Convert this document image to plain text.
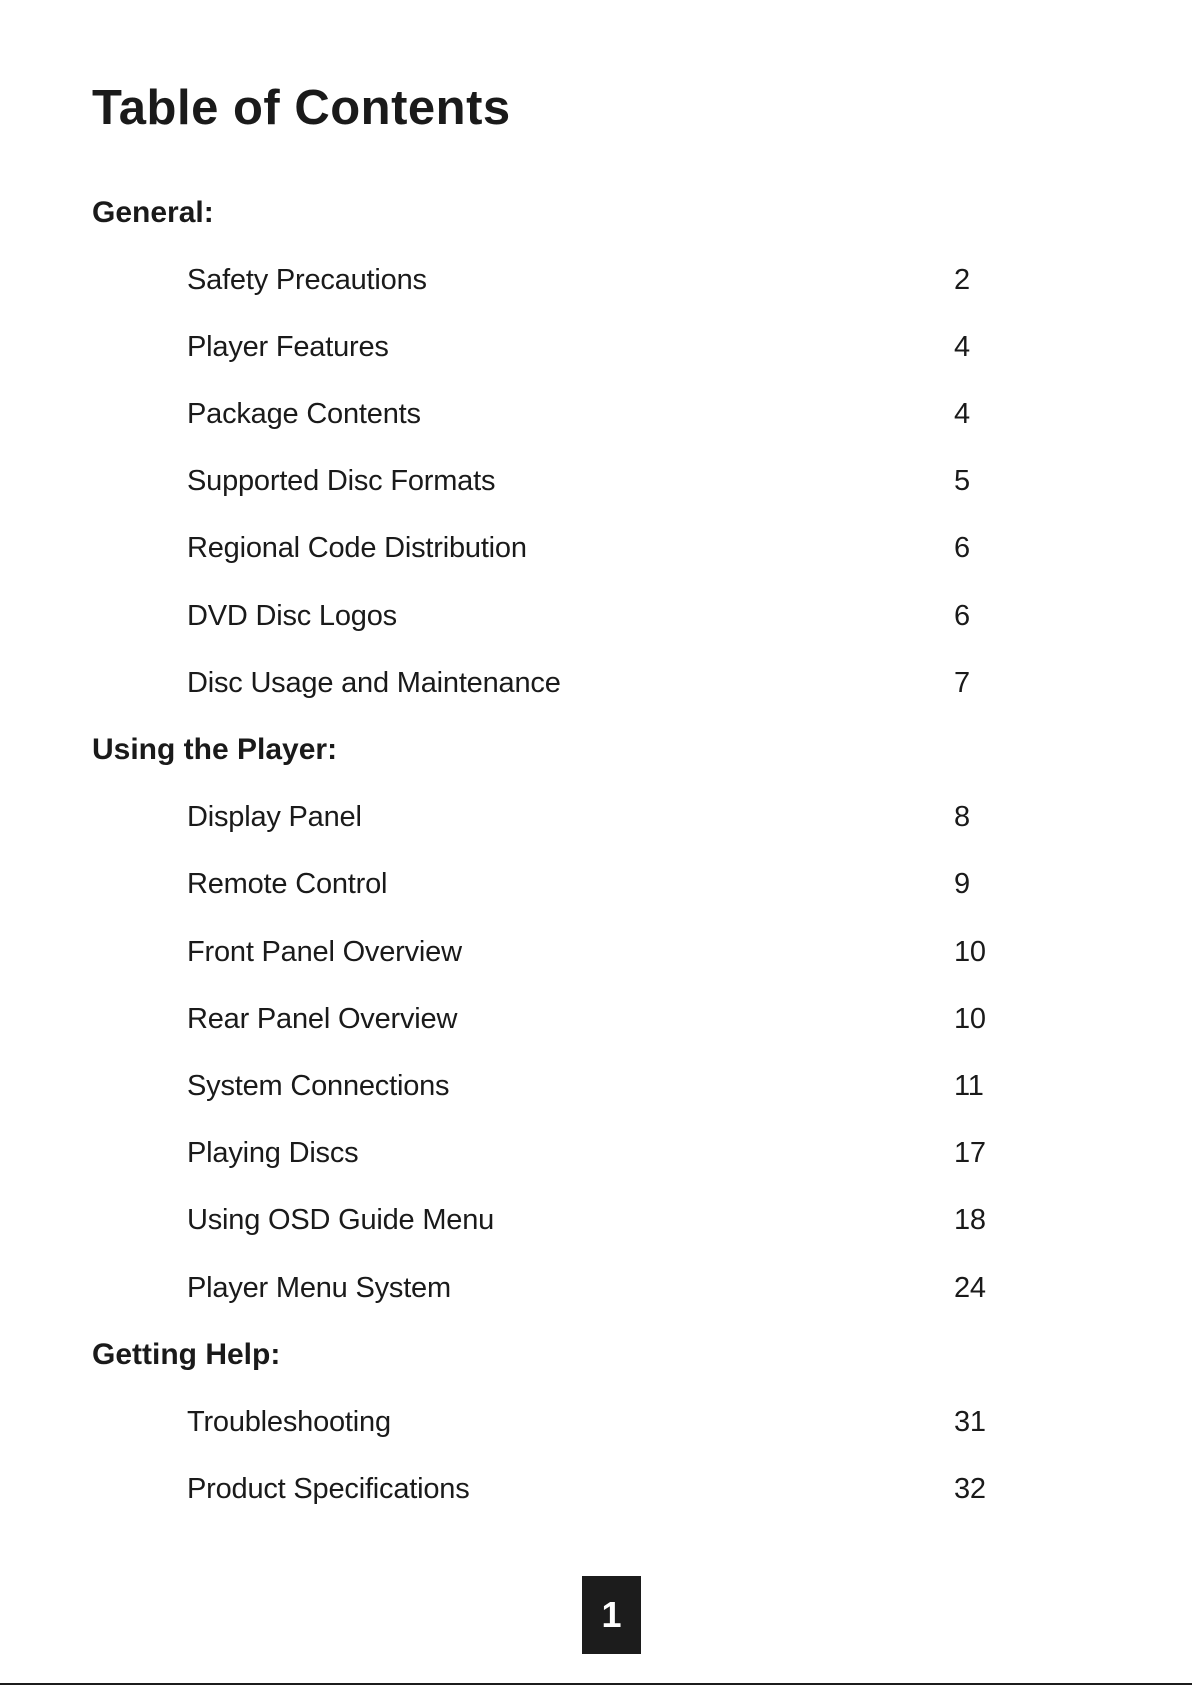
Table of Contents
General:
Safety Precautions	2
Player Features	4
Package Contents	4
Supported Disc Formats	5
Regional Code Distribution	6
DVD Disc Logos	6
Disc Usage and Maintenance	7
Using the Player:
Display Panel	8
Remote Control	9
Front Panel Overview	10
Rear Panel Overview	10
System Connections	11
Playing Discs	17
Using OSD Guide Menu	18
Player Menu System	24
Getting Help:
Troubleshooting	31
Product Specifications	32
1
